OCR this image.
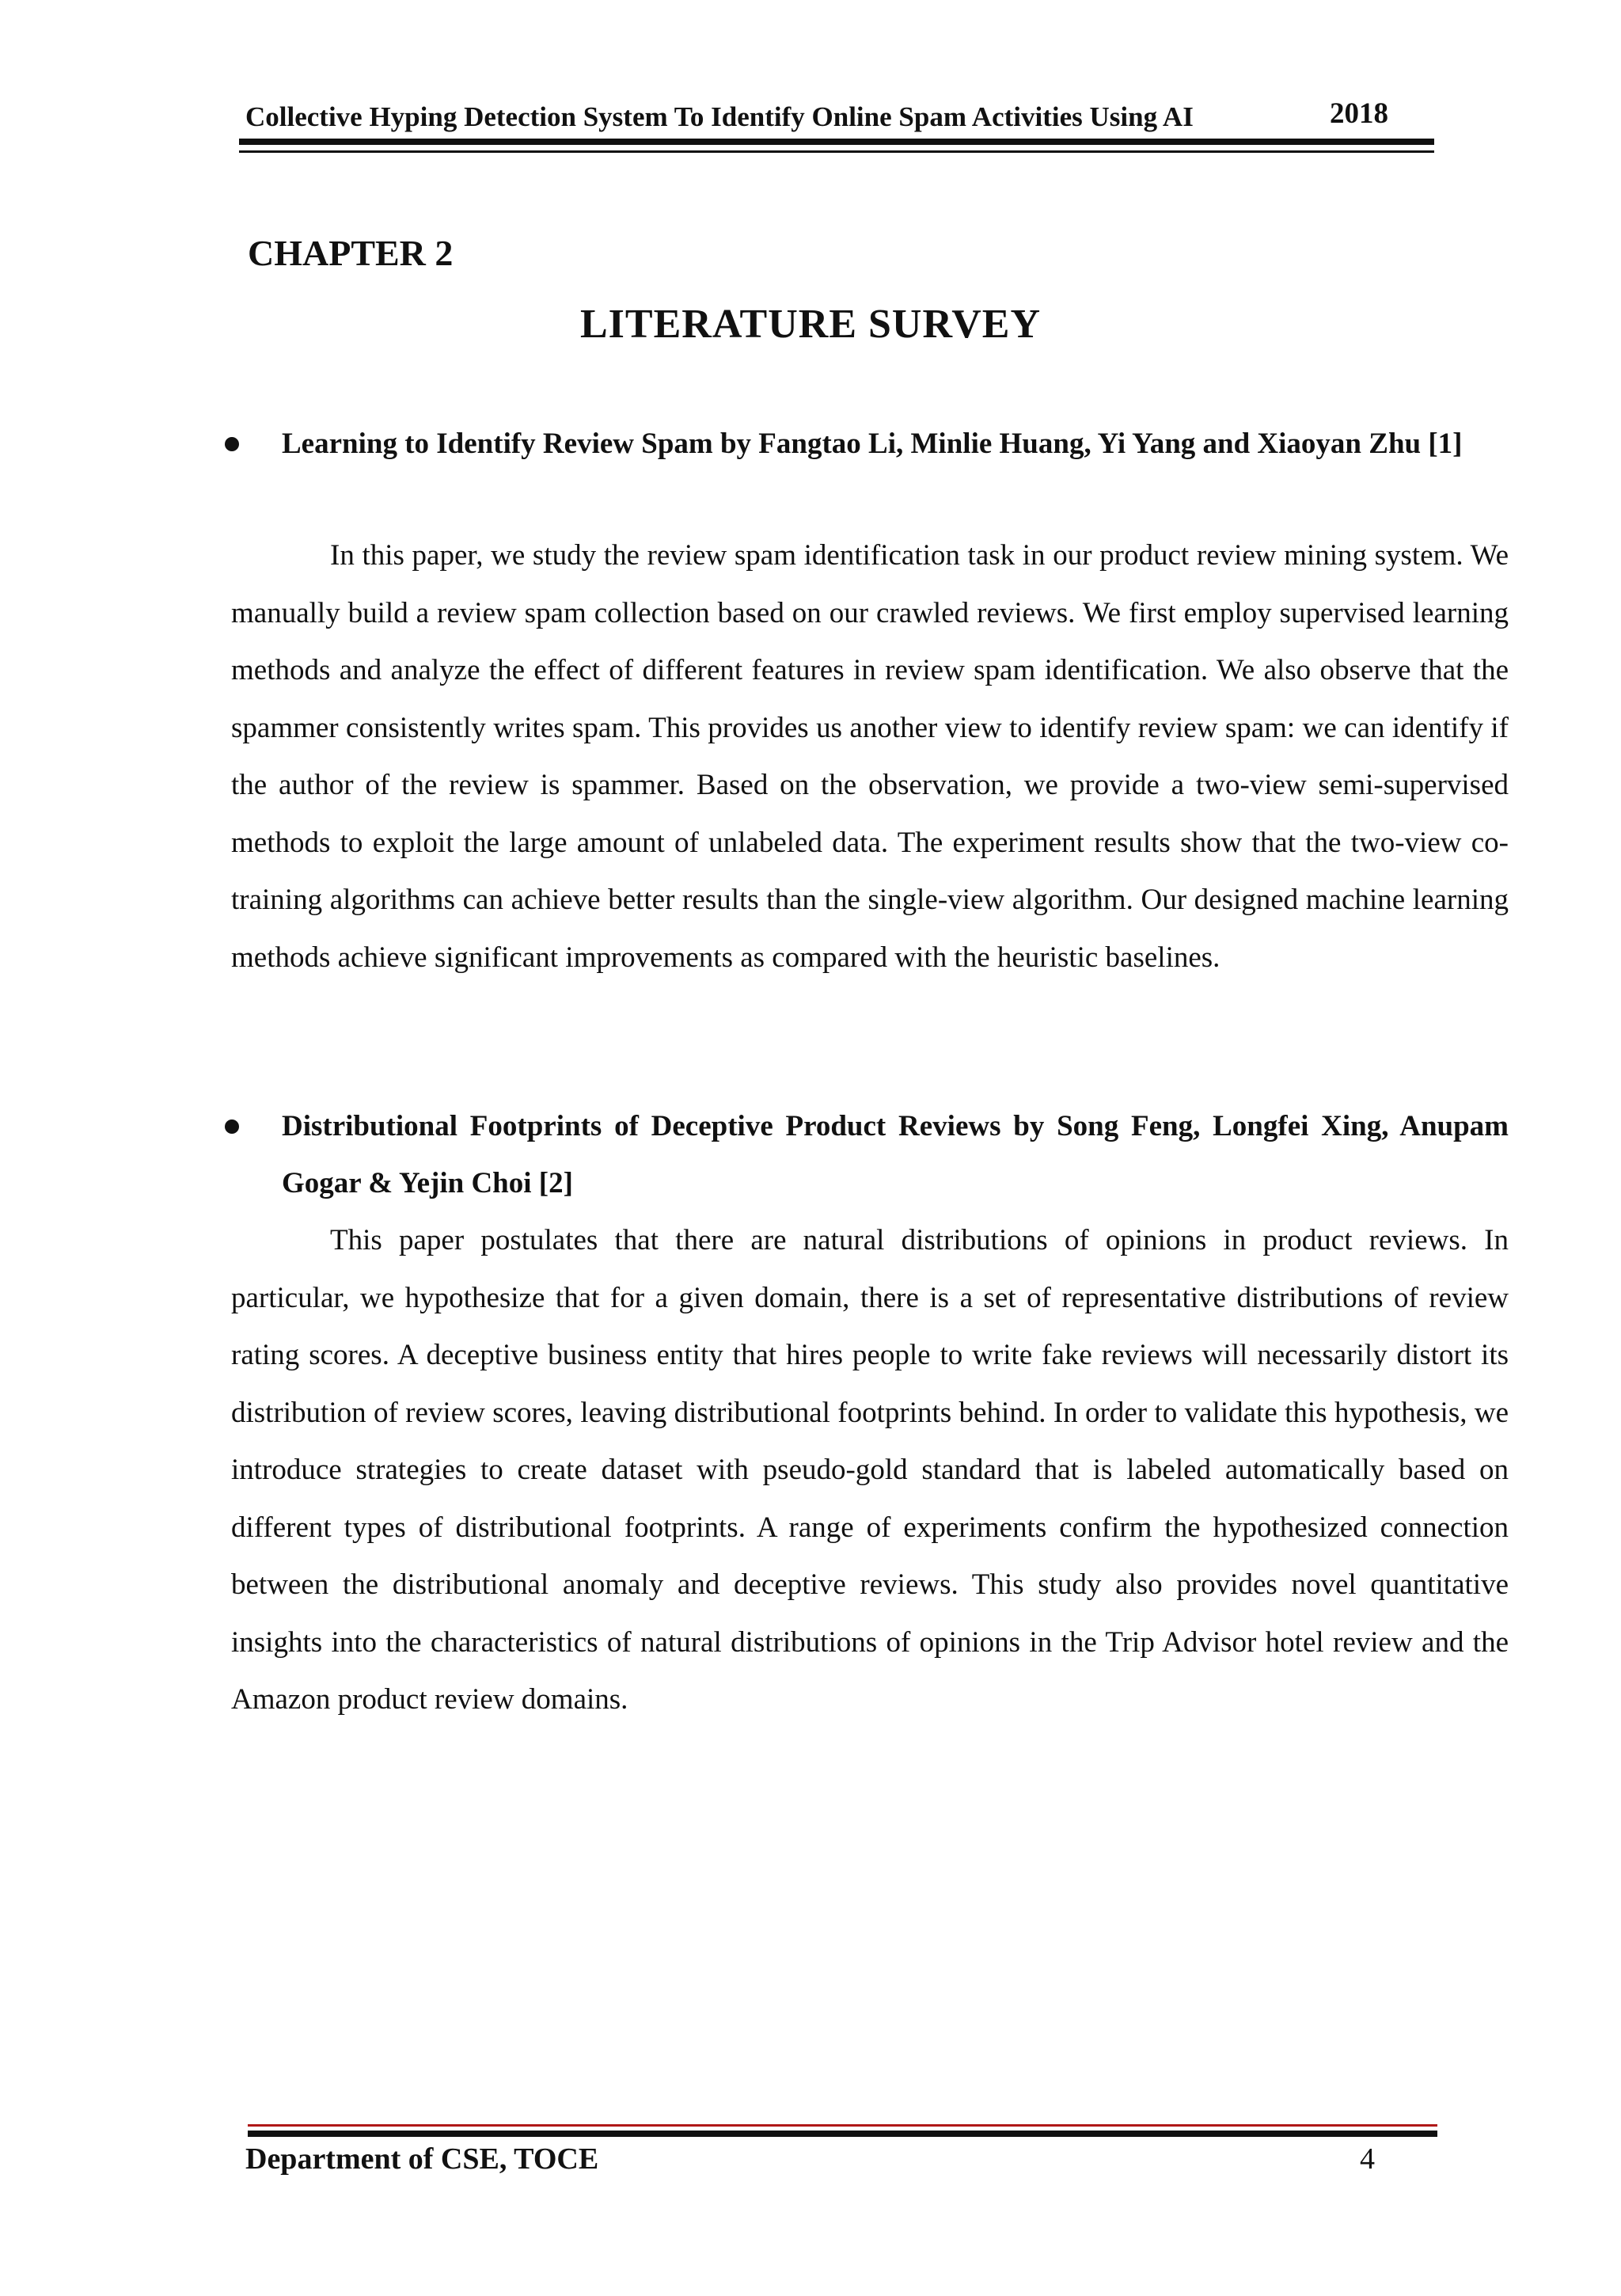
Collective Hyping Detection System To Identify Online Spam Activities Using AI	2018
CHAPTER 2
LITERATURE SURVEY
Learning to Identify Review Spam by Fangtao Li, Minlie Huang, Yi Yang and Xiaoyan Zhu [1]

In this paper, we study the review spam identification task in our product review mining system. We manually build a review spam collection based on our crawled reviews. We first employ supervised learning methods and analyze the effect of different features in review spam identification. We also observe that the spammer consistently writes spam. This provides us another view to identify review spam: we can identify if the author of the review is spammer. Based on the observation, we provide a two-view semi-supervised methods to exploit the large amount of unlabeled data. The experiment results show that the two-view co-training algorithms can achieve better results than the single-view algorithm. Our designed machine learning methods achieve significant improvements as compared with the heuristic baselines.

Distributional Footprints of Deceptive Product Reviews by Song Feng, Longfei Xing, Anupam Gogar & Yejin Choi [2]

This paper postulates that there are natural distributions of opinions in product reviews. In particular, we hypothesize that for a given domain, there is a set of representative distributions of review rating scores. A deceptive business entity that hires people to write fake reviews will necessarily distort its distribution of review scores, leaving distributional footprints behind. In order to validate this hypothesis, we introduce strategies to create dataset with pseudo-gold standard that is labeled automatically based on different types of distributional footprints. A range of experiments confirm the hypothesized connection between the distributional anomaly and deceptive reviews. This study also provides novel quantitative insights into the characteristics of natural distributions of opinions in the Trip Advisor hotel review and the Amazon product review domains.

Department of CSE, TOCE	4
